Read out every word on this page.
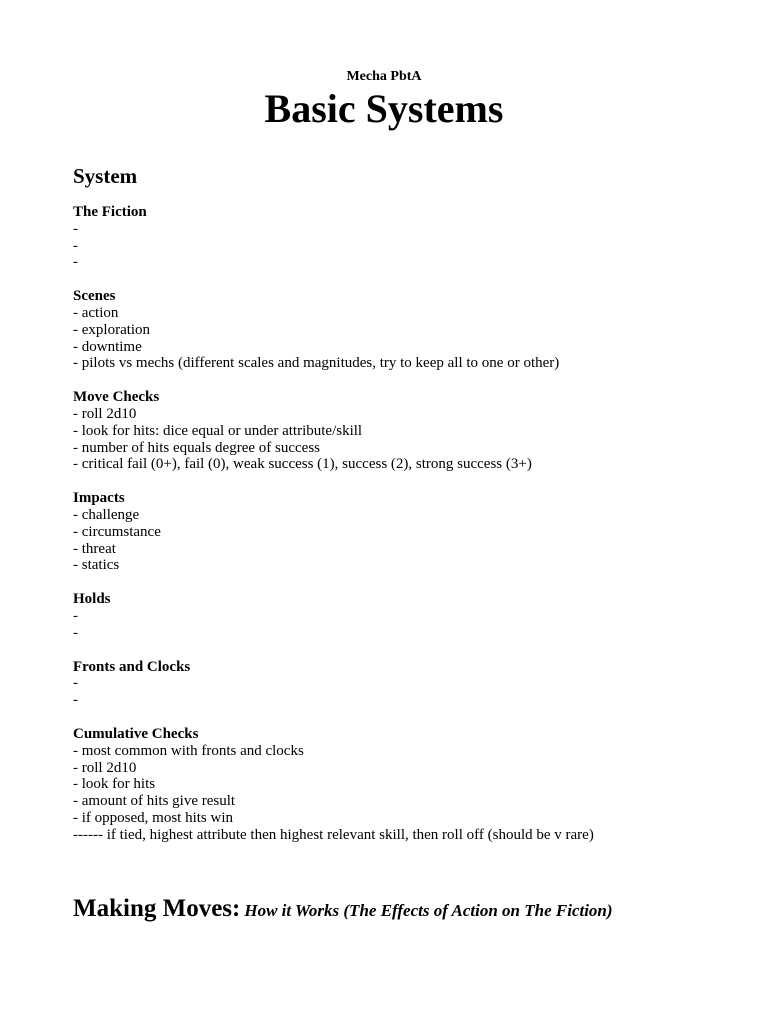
Mecha PbtA
Basic Systems
System
The Fiction
-
-
-
Scenes
- action
- exploration
- downtime
- pilots vs mechs (different scales and magnitudes, try to keep all to one or other)
Move Checks
- roll 2d10
- look for hits: dice equal or under attribute/skill
- number of hits equals degree of success
- critical fail (0+), fail (0), weak success (1), success (2), strong success (3+)
Impacts
- challenge
- circumstance
- threat
- statics
Holds
-
-
Fronts and Clocks
-
-
Cumulative Checks
- most common with fronts and clocks
- roll 2d10
- look for hits
- amount of hits give result
- if opposed, most hits win
------ if tied, highest attribute then highest relevant skill, then roll off (should be v rare)
Making Moves: How it Works (The Effects of Action on The Fiction)
